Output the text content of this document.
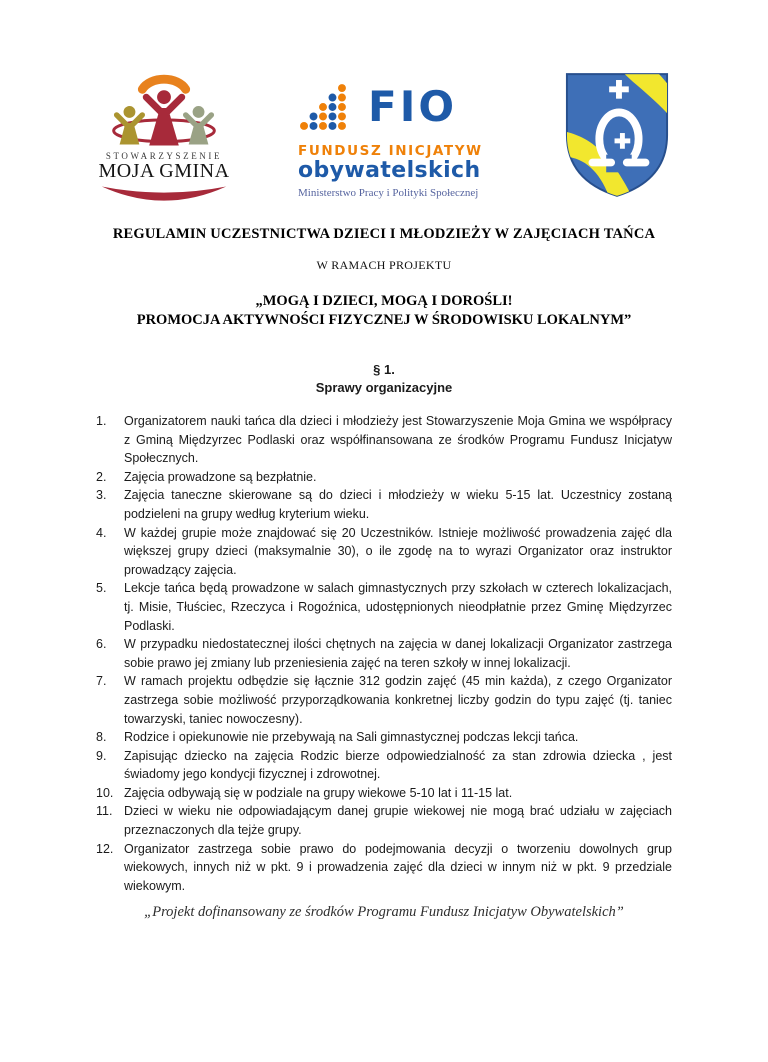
STOWARZYSZENIE
MOJA GMINA
FIO
FUNDUSZ INICJATYW
obywatelskich
Ministerstwo Pracy i Polityki Społecznej
REGULAMIN UCZESTNICTWA DZIECI I MŁODZIEŻY W ZAJĘCIACH TAŃCA
W RAMACH PROJEKTU
„MOGĄ I DZIECI, MOGĄ I DOROŚLI!
PROMOCJA AKTYWNOŚCI FIZYCZNEJ W ŚRODOWISKU LOKALNYM”
§ 1.
Sprawy organizacyjne
Organizatorem nauki tańca dla dzieci i młodzieży jest Stowarzyszenie Moja Gmina we współpracy z Gminą Międzyrzec Podlaski oraz współfinansowana ze środków Programu Fundusz Inicjatyw Społecznych.
Zajęcia prowadzone są bezpłatnie.
Zajęcia taneczne skierowane są do dzieci i młodzieży w wieku 5-15 lat. Uczestnicy zostaną podzieleni na grupy według kryterium wieku.
W każdej grupie może znajdować się 20 Uczestników. Istnieje możliwość prowadzenia zajęć dla większej grupy dzieci (maksymalnie 30), o ile zgodę na to wyrazi Organizator oraz instruktor prowadzący zajęcia.
Lekcje tańca będą prowadzone w salach gimnastycznych przy szkołach w czterech lokalizacjach, tj. Misie, Tłuściec, Rzeczyca i Rogoźnica, udostępnionych nieodpłatnie przez Gminę Międzyrzec Podlaski.
W przypadku niedostatecznej ilości chętnych na zajęcia w danej lokalizacji Organizator zastrzega sobie prawo jej zmiany lub przeniesienia zajęć na teren szkoły w innej lokalizacji.
W ramach projektu odbędzie się łącznie 312 godzin zajęć (45 min każda), z czego Organizator zastrzega sobie możliwość przyporządkowania konkretnej liczby godzin do typu zajęć (tj. taniec towarzyski, taniec nowoczesny).
Rodzice i opiekunowie nie przebywają na Sali gimnastycznej podczas lekcji tańca.
Zapisując dziecko na zajęcia Rodzic bierze odpowiedzialność za stan zdrowia dziecka , jest świadomy jego kondycji fizycznej i zdrowotnej.
Zajęcia odbywają się w podziale na grupy wiekowe 5-10 lat i 11-15 lat.
Dzieci w wieku nie odpowiadającym danej grupie wiekowej nie mogą brać udziału w zajęciach przeznaczonych dla tejże grupy.
Organizator zastrzega sobie prawo do podejmowania decyzji o tworzeniu dowolnych grup wiekowych, innych niż w pkt. 9 i prowadzenia zajęć dla dzieci w innym niż w pkt. 9 przedziale wiekowym.
„Projekt dofinansowany ze środków Programu Fundusz Inicjatyw Obywatelskich”
